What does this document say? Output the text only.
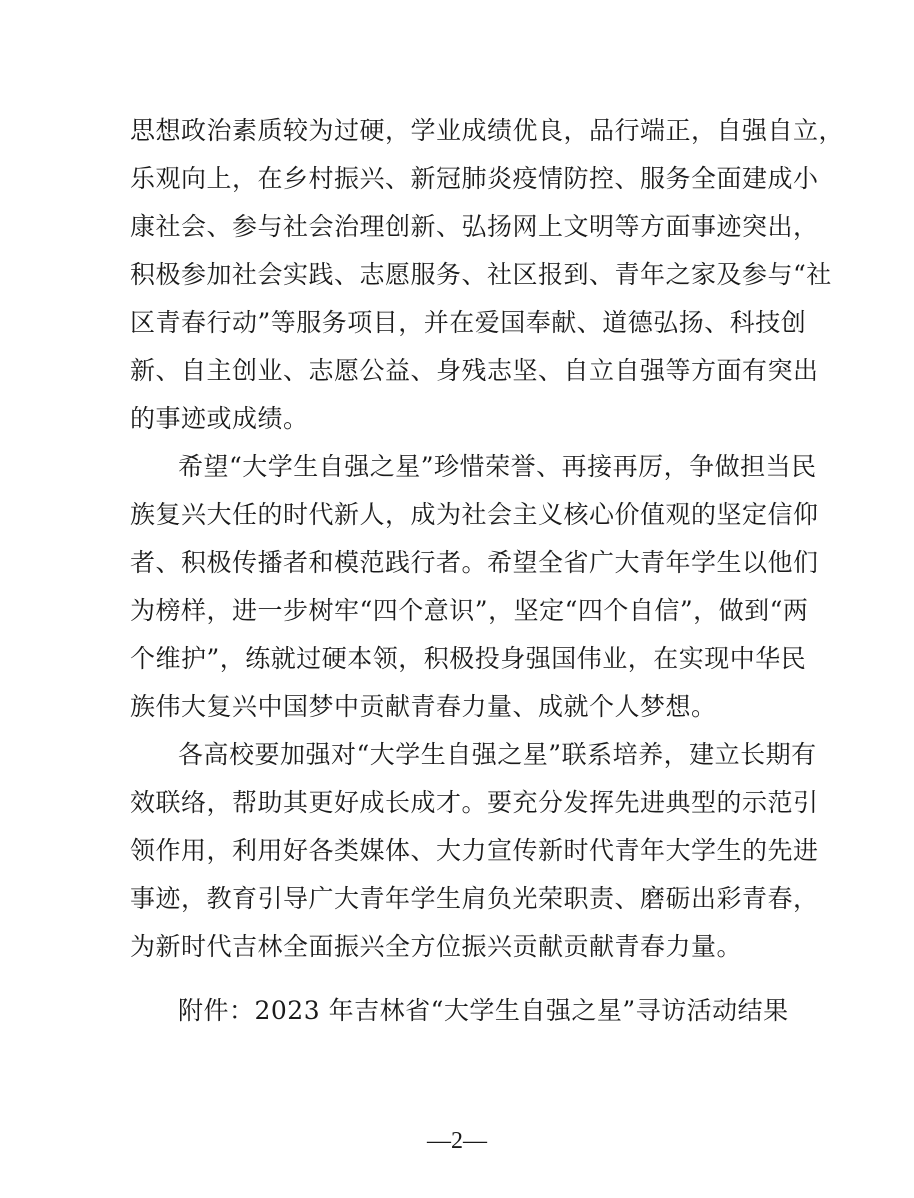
思想政治素质较为过硬，学业成绩优良，品行端正，自强自立，
乐观向上，在乡村振兴、新冠肺炎疫情防控、服务全面建成小
康社会、参与社会治理创新、弘扬网上文明等方面事迹突出，
积极参加社会实践、志愿服务、社区报到、青年之家及参与“社
区青春行动”等服务项目，并在爱国奉献、道德弘扬、科技创
新、自主创业、志愿公益、身残志坚、自立自强等方面有突出
的事迹或成绩。
希望“大学生自强之星”珍惜荣誉、再接再厉，争做担当民
族复兴大任的时代新人，成为社会主义核心价值观的坚定信仰
者、积极传播者和模范践行者。希望全省广大青年学生以他们
为榜样，进一步树牢“四个意识”，坚定“四个自信”，做到“两
个维护”，练就过硬本领，积极投身强国伟业，在实现中华民
族伟大复兴中国梦中贡献青春力量、成就个人梦想。
各高校要加强对“大学生自强之星”联系培养，建立长期有
效联络，帮助其更好成长成才。要充分发挥先进典型的示范引
领作用，利用好各类媒体、大力宣传新时代青年大学生的先进
事迹，教育引导广大青年学生肩负光荣职责、磨砺出彩青春，
为新时代吉林全面振兴全方位振兴贡献贡献青春力量。
附件：2023 年吉林省“大学生自强之星”寻访活动结果
—2—
